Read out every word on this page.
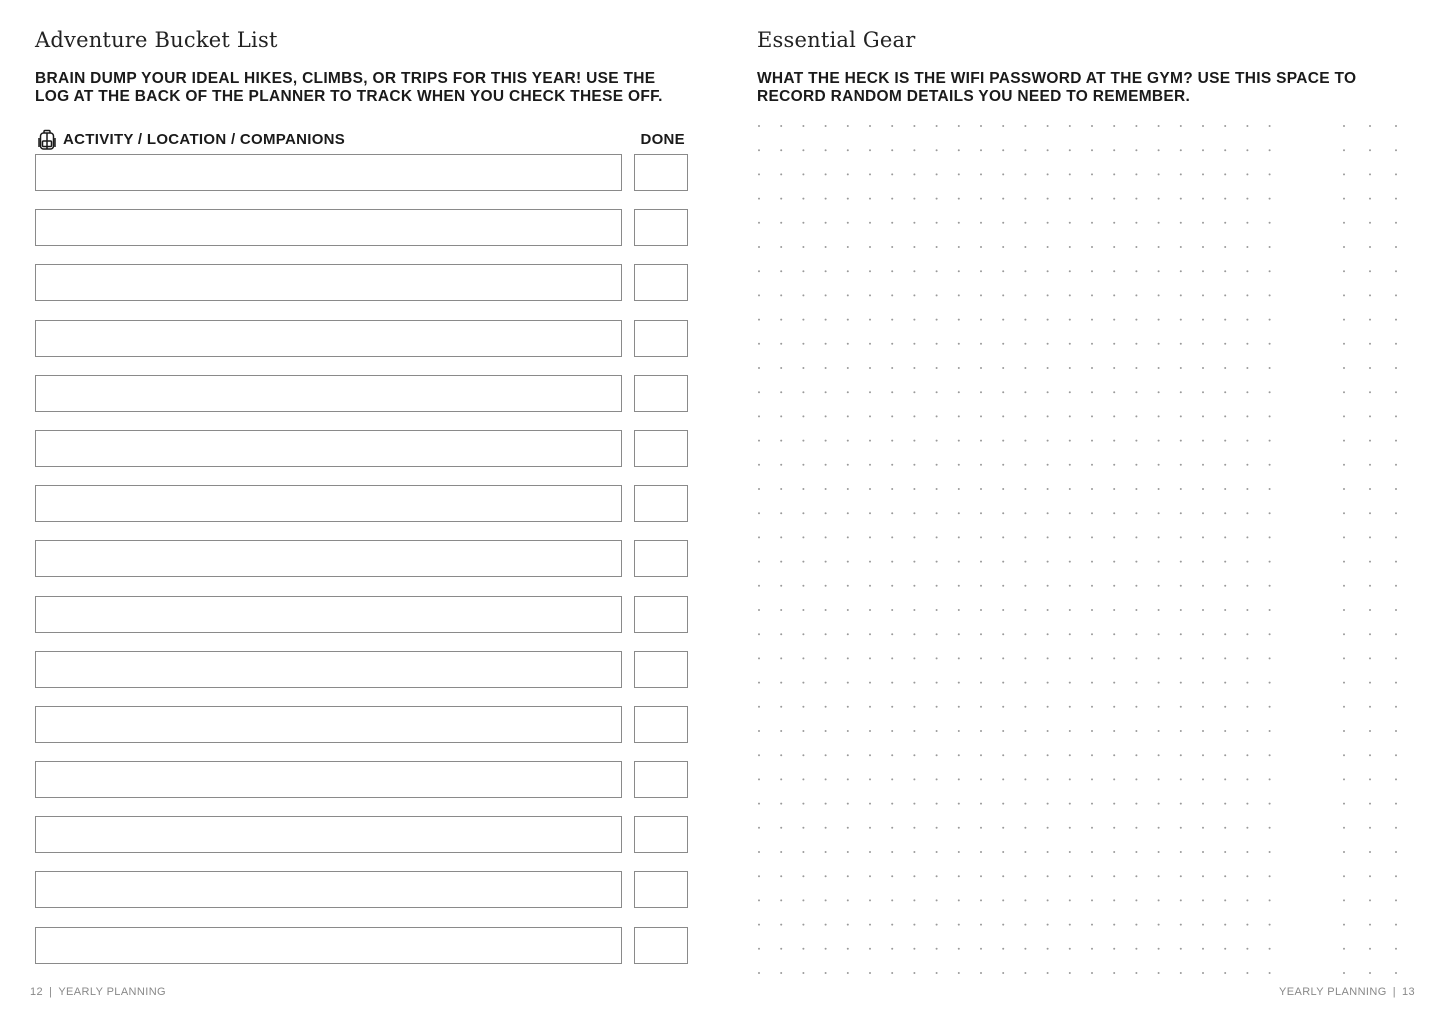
Adventure Bucket List

BRAIN DUMP YOUR IDEAL HIKES, CLIMBS, OR TRIPS FOR THIS YEAR! USE THE
LOG AT THE BACK OF THE PLANNER TO TRACK WHEN YOU CHECK THESE OFF.

ACTIVITY / LOCATION / COMPANIONS	DONE
12 | YEARLY PLANNING
Essential Gear

WHAT THE HECK IS THE WIFI PASSWORD AT THE GYM? USE THIS SPACE TO
RECORD RANDOM DETAILS YOU NEED TO REMEMBER.

YEARLY PLANNING | 13
